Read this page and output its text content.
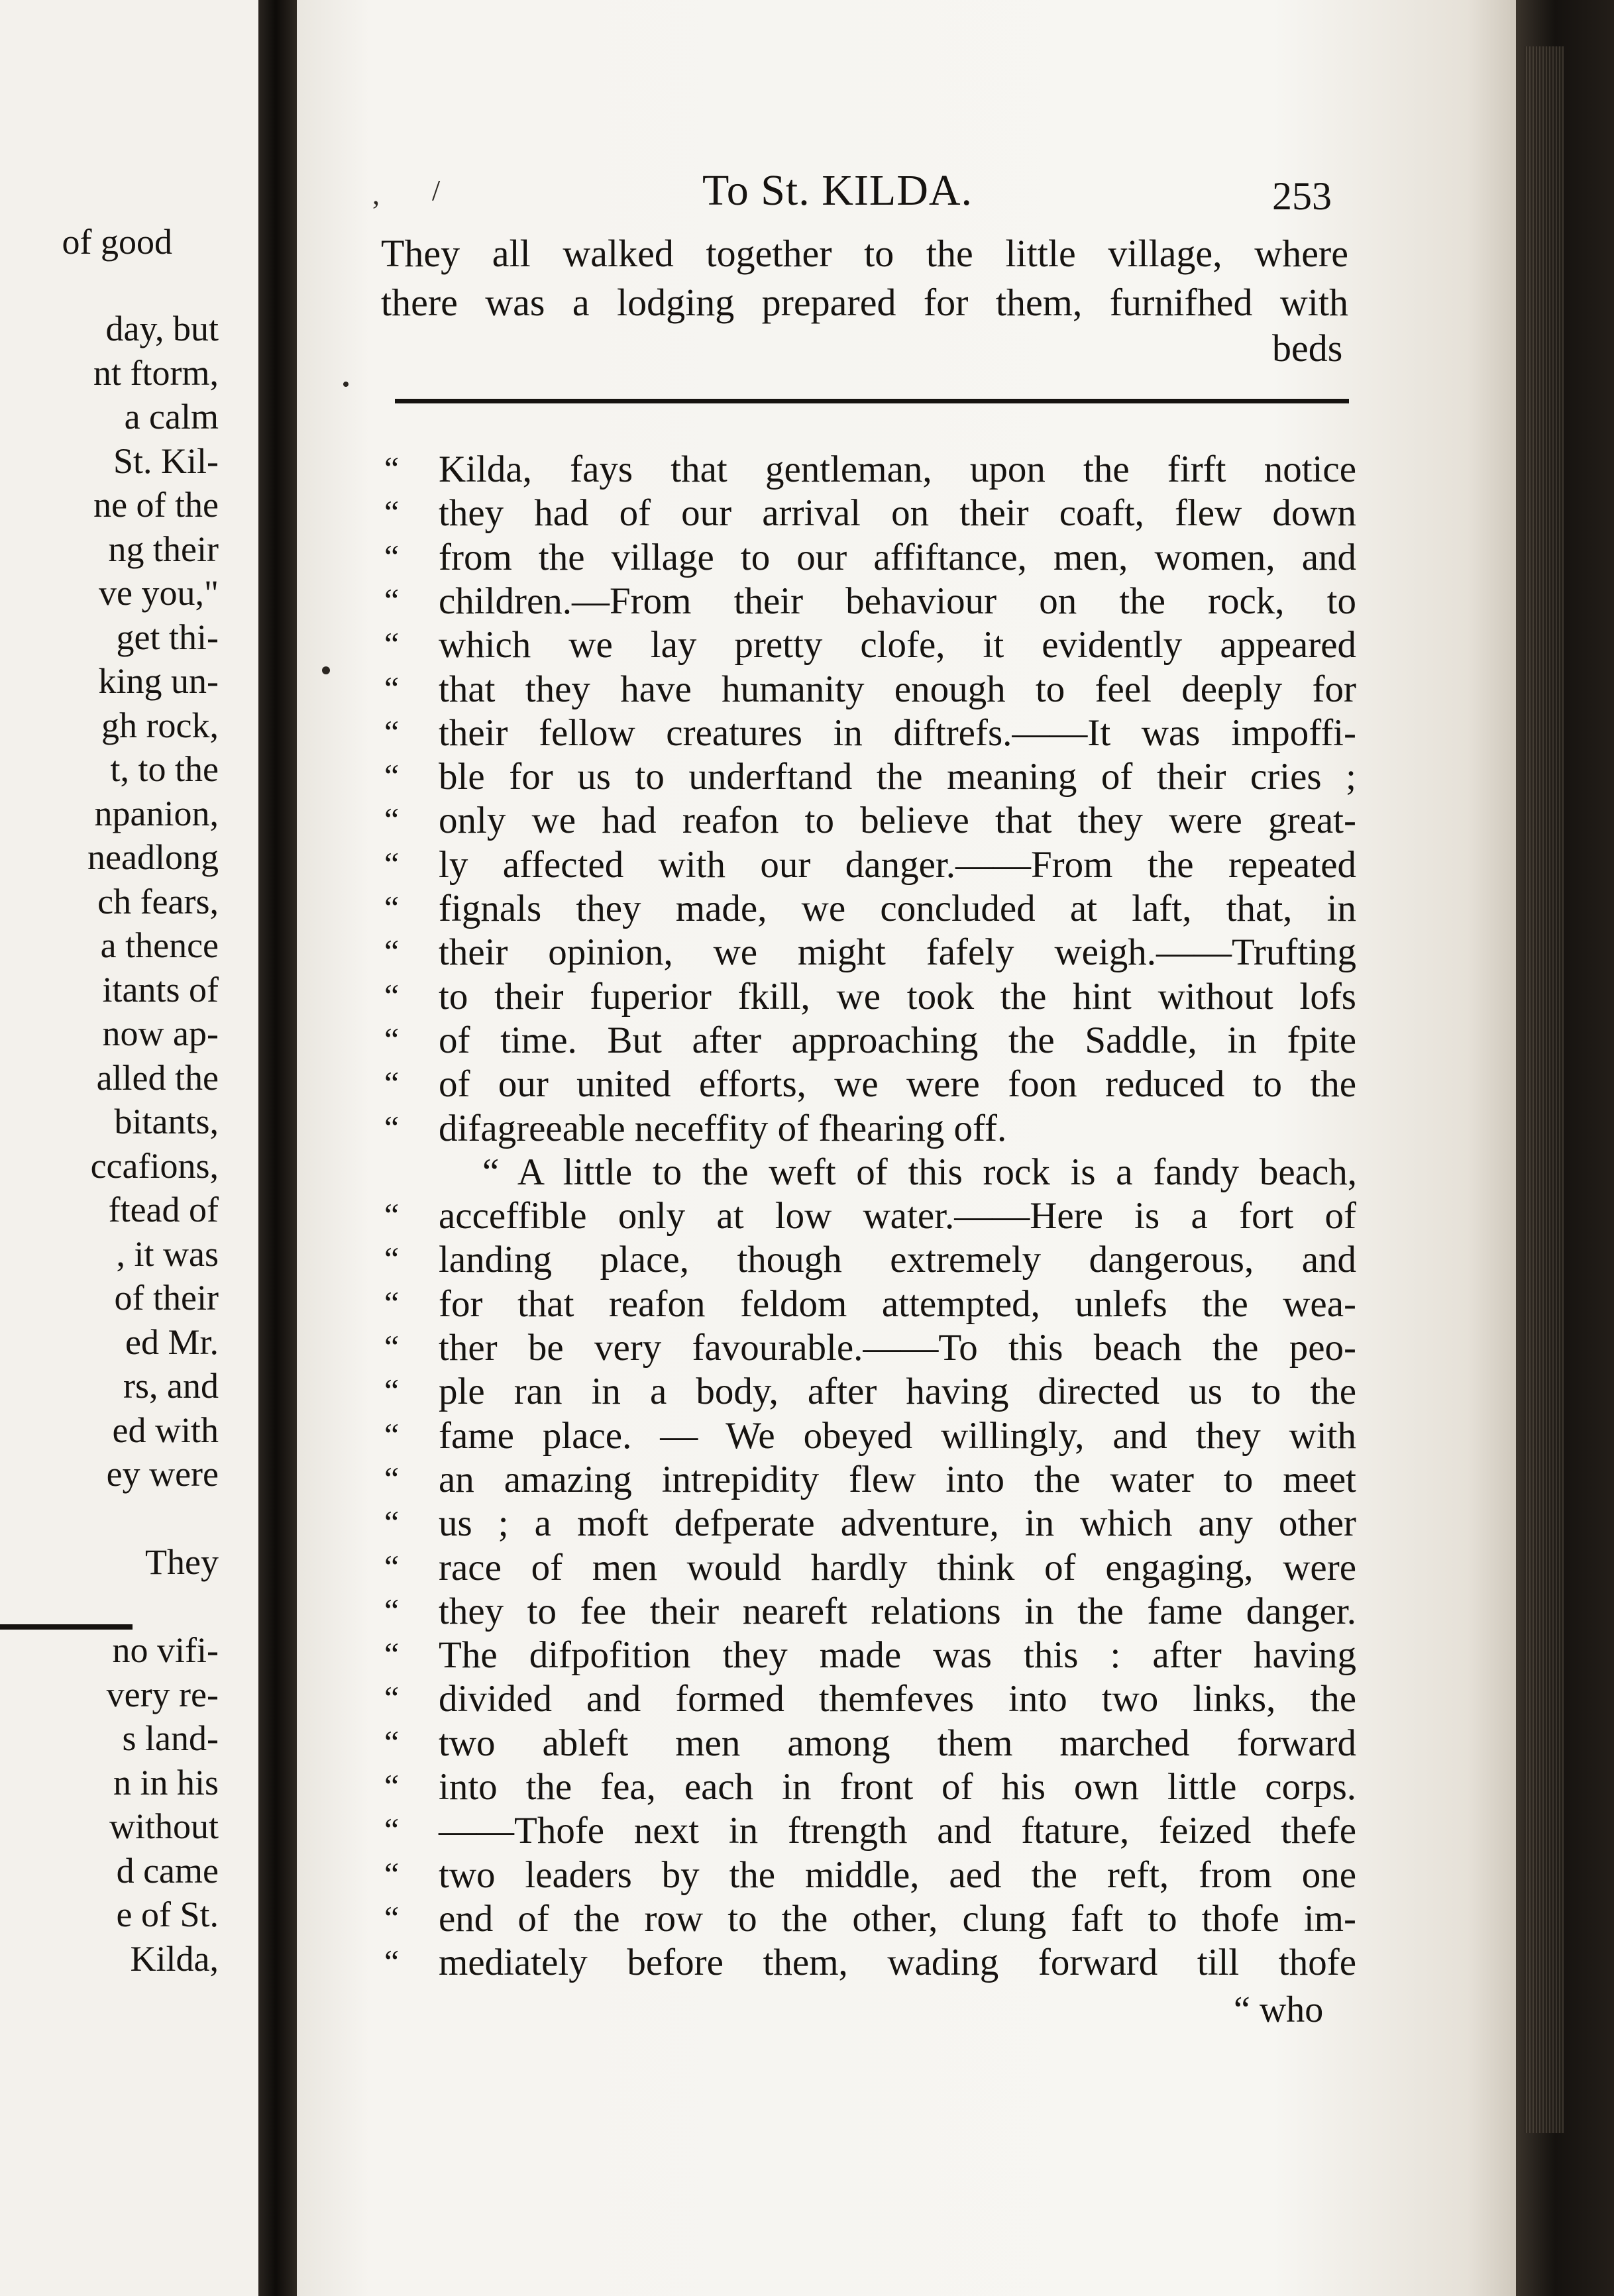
of good
day, but
nt ftorm,
a calm
St. Kil-
ne of the
ng their
ve you,"
get thi-
king un-
gh rock,
t, to the
npanion,
neadlong
ch fears,
a thence
itants of
now ap-
alled the
bitants,
ccafions,
ftead of
, it was
of their
ed Mr.
rs, and
ed with
ey were
They
no vifi-
very re-
s land-
n in his
without
d came
e of St.
Kilda,
, /	To St. KILDA.	253
They all walked together to the little village, where
there was a lodging prepared for them, furnifhed with
beds
“ Kilda, fays that gentleman, upon the firft notice
“ they had of our arrival on their coaft, flew down
“ from the village to our affiftance, men, women, and
“ children.—From their behaviour on the rock, to
“ which we lay pretty clofe, it evidently appeared
“ that they have humanity enough to feel deeply for
“ their fellow creatures in diftrefs.——It was impoffi-
“ ble for us to underftand the meaning of their cries ;
“ only we had reafon to believe that they were great-
“ ly affected with our danger.——From the repeated
“ fignals they made, we concluded at laft, that, in
“ their opinion, we might fafely weigh.——Trufting
“ to their fuperior fkill, we took the hint without lofs
“ of time. But after approaching the Saddle, in fpite
“ of our united efforts, we were foon reduced to the
“ difagreeable neceffity of fhearing off.
“ A little to the weft of this rock is a fandy beach,
“ acceffible only at low water.——Here is a fort of
“ landing place, though extremely dangerous, and
“ for that reafon feldom attempted, unlefs the wea-
“ ther be very favourable.——To this beach the peo-
“ ple ran in a body, after having directed us to the
“ fame place. — We obeyed willingly, and they with
“ an amazing intrepidity flew into the water to meet
“ us ; a moft defperate adventure, in which any other
“ race of men would hardly think of engaging, were
“ they to fee their neareft relations in the fame danger.
“ The difpofition they made was this : after having
“ divided and formed themfeves into two links, the
“ two ableft men among them marched forward
“ into the fea, each in front of his own little corps.
“ ——Thofe next in ftrength and ftature, feized thefe
“ two leaders by the middle, aed the reft, from one
“ end of the row to the other, clung faft to thofe im-
“ mediately before them, wading forward till thofe
“ who
